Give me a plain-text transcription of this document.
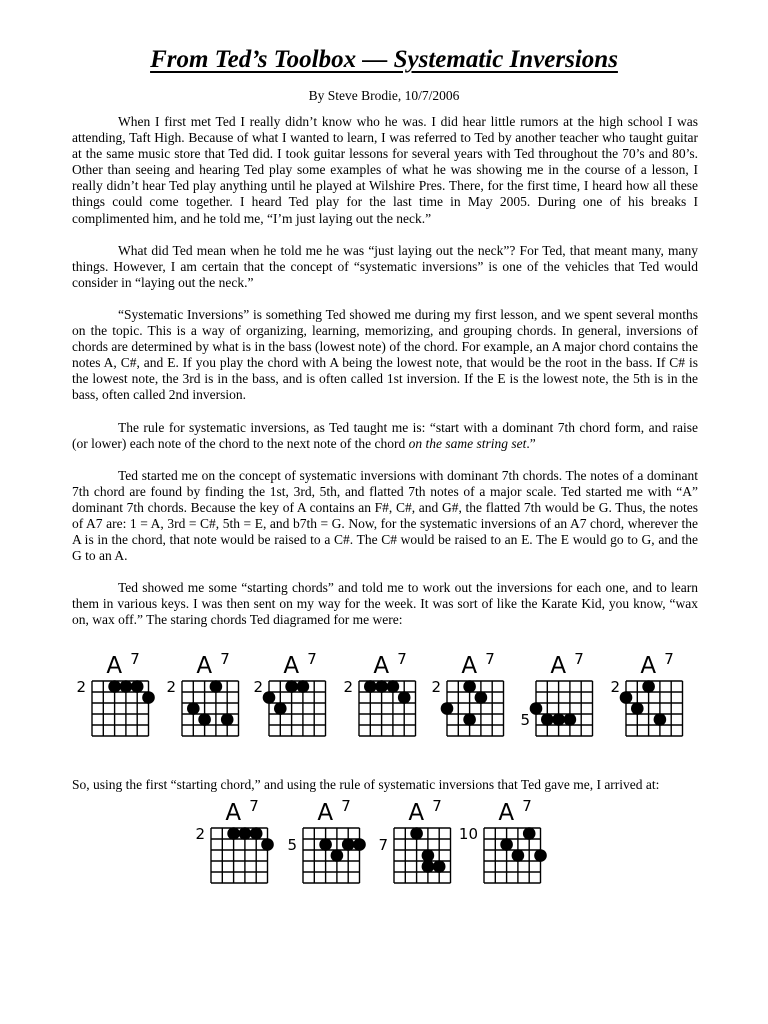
From Ted’s Toolbox — Systematic Inversions
By Steve Brodie, 10/7/2006

When I first met Ted I really didn’t know who he was. I did hear little rumors at the high school I was attending, Taft High. Because of what I wanted to learn, I was referred to Ted by another teacher who taught guitar at the same music store that Ted did. I took guitar lessons for several years with Ted throughout the 70’s and 80’s. Other than seeing and hearing Ted play some examples of what he was showing me in the course of a lesson, I really didn’t hear Ted play anything until he played at Wilshire Pres. There, for the first time, I heard how all these things could come together. I heard Ted play for the last time in May 2005. During one of his breaks I complimented him, and he told me, “I’m just laying out the neck.”

What did Ted mean when he told me he was “just laying out the neck”? For Ted, that meant many, many things. However, I am certain that the concept of “systematic inversions” is one of the vehicles that Ted would consider in “laying out the neck.”

“Systematic Inversions” is something Ted showed me during my first lesson, and we spent several months on the topic. This is a way of organizing, learning, memorizing, and grouping chords. In general, inversions of chords are determined by what is in the bass (lowest note) of the chord. For example, an A major chord contains the notes A, C#, and E. If you play the chord with A being the lowest note, that would be the root in the bass. If C# is the lowest note, the 3rd is in the bass, and is often called 1st inversion. If the E is the lowest note, the 5th is in the bass, often called 2nd inversion.

The rule for systematic inversions, as Ted taught me is: “start with a dominant 7th chord form, and raise (or lower) each note of the chord to the next note of the chord on the same string set.”

Ted started me on the concept of systematic inversions with dominant 7th chords. The notes of a dominant 7th chord are found by finding the 1st, 3rd, 5th, and flatted 7th notes of a major scale. Ted started me with “A” dominant 7th chords. Because the key of A contains an F#, C#, and G#, the flatted 7th would be G. Thus, the notes of A7 are: 1 = A, 3rd = C#, 5th = E, and b7th = G. Now, for the systematic inversions of an A7 chord, wherever the A is in the chord, that note would be raised to a C#. The C# would be raised to an E. The E would go to G, and the G to an A.

Ted showed me some “starting chords” and told me to work out the inversions for each one, and to learn them in various keys. I was then sent on my way for the week. It was sort of like the Karate Kid, you know, “wax on, wax off.” The staring chords Ted diagramed for me were:

So, using the first “starting chord,” and using the rule of systematic inversions that Ted gave me, I arrived at:

A 7
2
A 7
2
A 7
2
A 7
2
A 7
2
A 7
5
A 7
2
A 7
2
A 7
5
A 7
7
A 7
10
